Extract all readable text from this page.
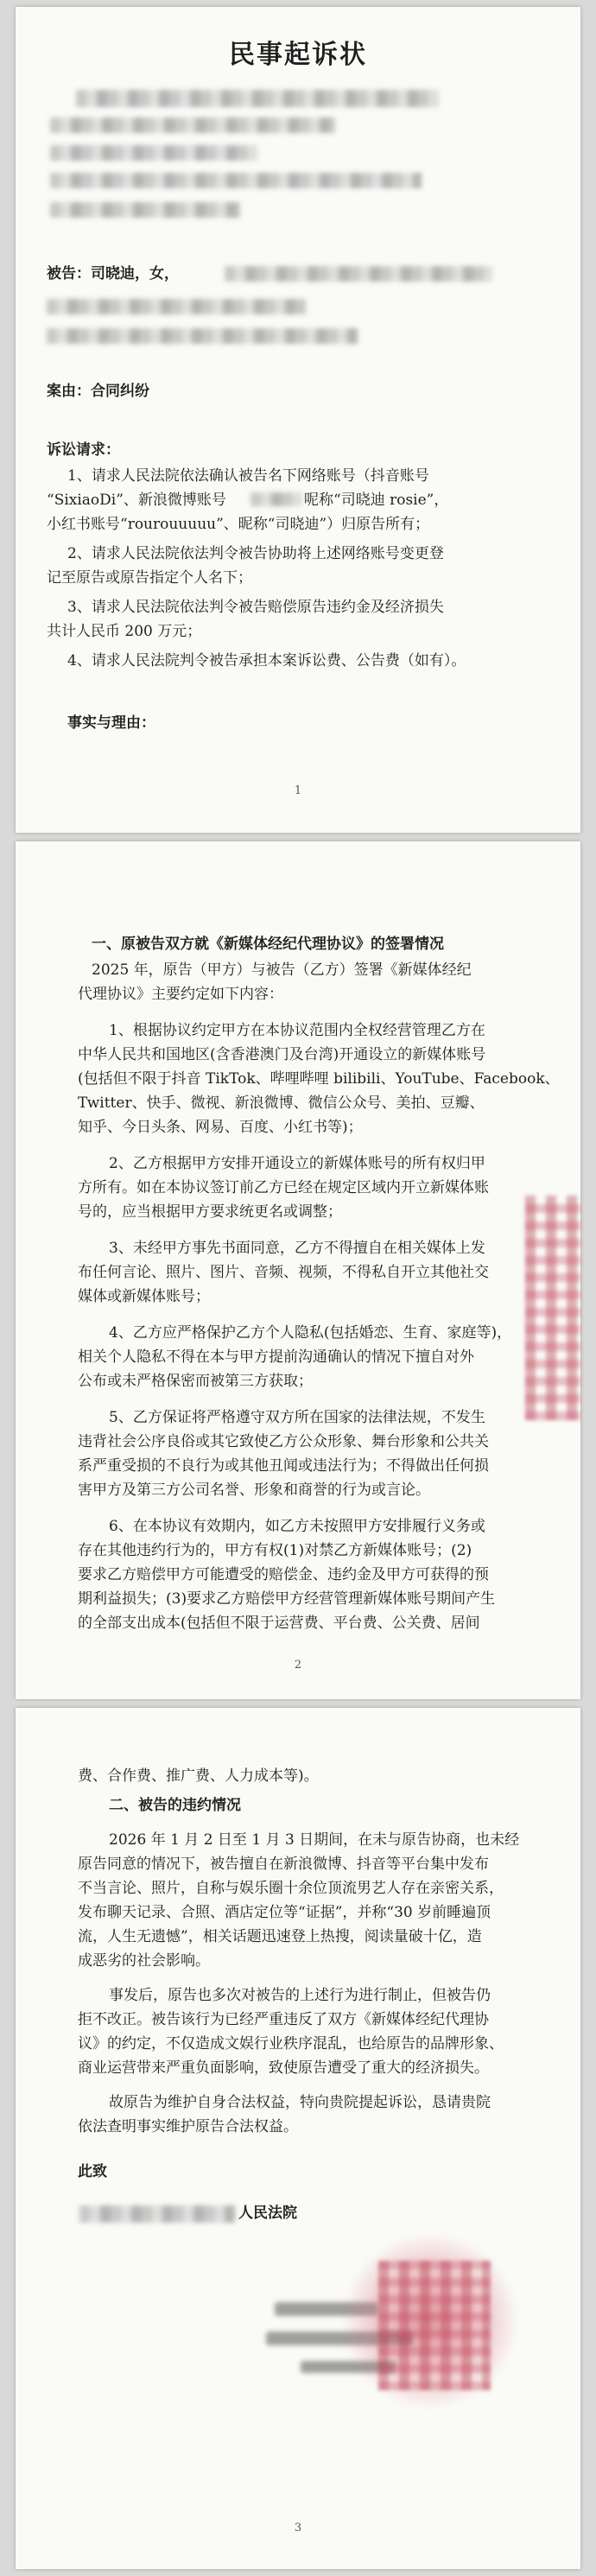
民事起诉状
被告：司晓迪，女，
案由：合同纠纷
诉讼请求：
1、请求人民法院依法确认被告名下网络账号（抖音账号
“SixiaoDi”、新浪微博账号	呢称“司晓迪 rosie”，
小红书账号“rourouuuuu”、昵称“司晓迪”）归原告所有；
2、请求人民法院依法判令被告协助将上述网络账号变更登
记至原告或原告指定个人名下；
3、请求人民法院依法判令被告赔偿原告违约金及经济损失
共计人民币 200 万元；
4、请求人民法院判令被告承担本案诉讼费、公告费（如有）。
事实与理由：
1
一、原被告双方就《新媒体经纪代理协议》的签署情况
2025 年，原告（甲方）与被告（乙方）签署《新媒体经纪
代理协议》主要约定如下内容：
1、根据协议约定甲方在本协议范围内全权经营管理乙方在
中华人民共和国地区(含香港澳门及台湾)开通设立的新媒体账号
(包括但不限于抖音 TikTok、哔哩哔哩 bilibili、YouTube、Facebook、
Twitter、快手、微视、新浪微博、微信公众号、美拍、豆瓣、
知乎、今日头条、网易、百度、小红书等)；
2、乙方根据甲方安排开通设立的新媒体账号的所有权归甲
方所有。如在本协议签订前乙方已经在规定区域内开立新媒体账
号的，应当根据甲方要求统更名或调整；
3、未经甲方事先书面同意，乙方不得擅自在相关媒体上发
布任何言论、照片、图片、音频、视频，不得私自开立其他社交
媒体或新媒体账号；
4、乙方应严格保护乙方个人隐私(包括婚恋、生育、家庭等)，
相关个人隐私不得在本与甲方提前沟通确认的情况下擅自对外
公布或未严格保密而被第三方获取；
5、乙方保证将严格遵守双方所在国家的法律法规，不发生
违背社会公序良俗或其它致使乙方公众形象、舞台形象和公共关
系严重受损的不良行为或其他丑闻或违法行为；不得做出任何损
害甲方及第三方公司名誉、形象和商誉的行为或言论。
6、在本协议有效期内，如乙方未按照甲方安排履行义务或
存在其他违约行为的，甲方有权(1)对禁乙方新媒体账号；(2)
要求乙方赔偿甲方可能遭受的赔偿金、违约金及甲方可获得的预
期利益损失；(3)要求乙方赔偿甲方经营管理新媒体账号期间产生
的全部支出成本(包括但不限于运营费、平台费、公关费、居间
2
费、合作费、推广费、人力成本等)。
二、被告的违约情况
2026 年 1 月 2 日至 1 月 3 日期间，在未与原告协商，也未经
原告同意的情况下，被告擅自在新浪微博、抖音等平台集中发布
不当言论、照片，自称与娱乐圈十余位顶流男艺人存在亲密关系，
发布聊天记录、合照、酒店定位等“证据”，并称“30 岁前睡遍顶
流，人生无遗憾”，相关话题迅速登上热搜，阅读量破十亿，造
成恶劣的社会影响。
事发后，原告也多次对被告的上述行为进行制止，但被告仍
拒不改正。被告该行为已经严重违反了双方《新媒体经纪代理协
议》的约定，不仅造成文娱行业秩序混乱，也给原告的品牌形象、
商业运营带来严重负面影响，致使原告遭受了重大的经济损失。
故原告为维护自身合法权益，特向贵院提起诉讼，恳请贵院
依法查明事实维护原告合法权益。
此致
人民法院
3
